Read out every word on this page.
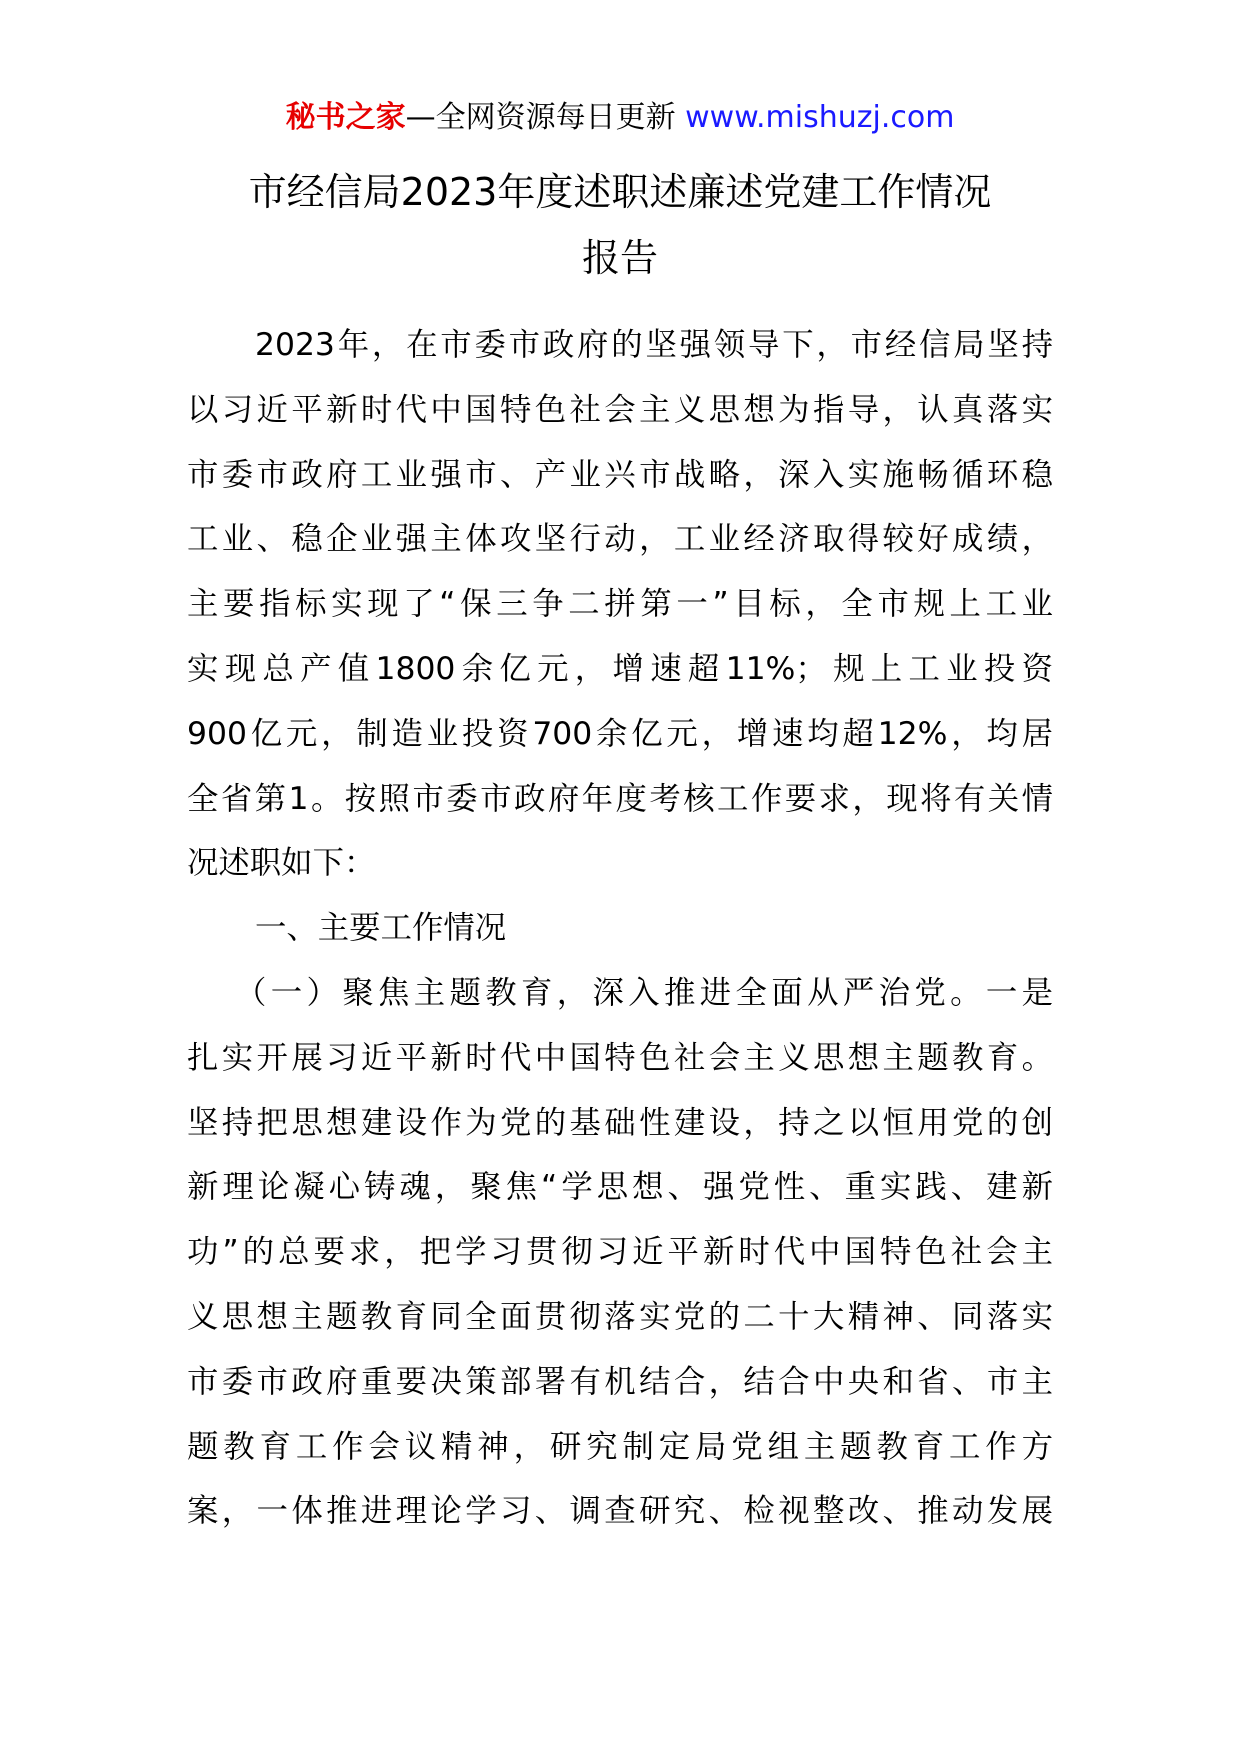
秘书之家—全网资源每日更新 www.mishuzj.com
市经信局2023年度述职述廉述党建工作情况
报告
2023年，在市委市政府的坚强领导下，市经信局坚持
以习近平新时代中国特色社会主义思想为指导，认真落实
市委市政府工业强市、产业兴市战略，深入实施畅循环稳
工业、稳企业强主体攻坚行动，工业经济取得较好成绩，
主要指标实现了“保三争二拼第一”目标，全市规上工业
实现总产值1800余亿元，增速超11%；规上工业投资
900亿元，制造业投资700余亿元，增速均超12%，均居
全省第1。按照市委市政府年度考核工作要求，现将有关情
况述职如下：
一、主要工作情况
（一）聚焦主题教育，深入推进全面从严治党。一是
扎实开展习近平新时代中国特色社会主义思想主题教育。
坚持把思想建设作为党的基础性建设，持之以恒用党的创
新理论凝心铸魂，聚焦“学思想、强党性、重实践、建新
功”的总要求，把学习贯彻习近平新时代中国特色社会主
义思想主题教育同全面贯彻落实党的二十大精神、同落实
市委市政府重要决策部署有机结合，结合中央和省、市主
题教育工作会议精神，研究制定局党组主题教育工作方
案，一体推进理论学习、调查研究、检视整改、推动发展
